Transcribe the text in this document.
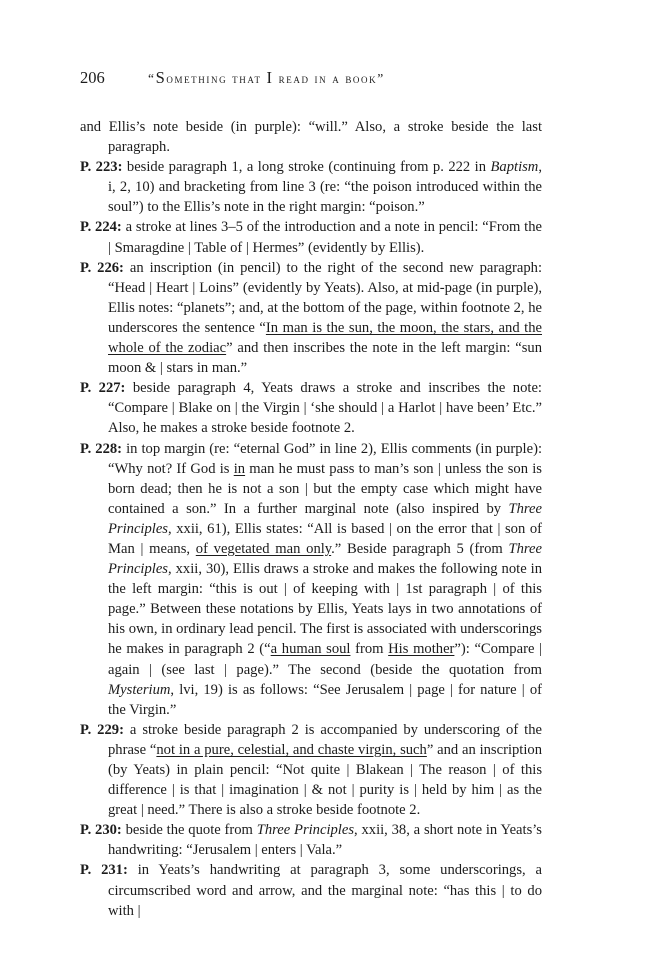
206	“Something that I read in a book”

and Ellis’s note beside (in purple): “will.” Also, a stroke beside the last paragraph.

P. 223: beside paragraph 1, a long stroke (continuing from p. 222 in Baptism, i, 2, 10) and bracketing from line 3 (re: “the poison introduced within the soul”) to the Ellis’s note in the right margin: “poison.”

P. 224: a stroke at lines 3–5 of the introduction and a note in pencil: “From the | Smaragdine | Table of | Hermes” (evidently by Ellis).

P. 226: an inscription (in pencil) to the right of the second new paragraph: “Head | Heart | Loins” (evidently by Yeats). Also, at mid-page (in purple), Ellis notes: “planets”; and, at the bottom of the page, within footnote 2, he underscores the sentence “In man is the sun, the moon, the stars, and the whole of the zodiac” and then inscribes the note in the left margin: “sun moon & | stars in man.”

P. 227: beside paragraph 4, Yeats draws a stroke and inscribes the note: “Compare | Blake on | the Virgin | ‘she should | a Harlot | have been’ Etc.” Also, he makes a stroke beside footnote 2.

P. 228: in top margin (re: “eternal God” in line 2), Ellis comments (in purple): “Why not? If God is in man he must pass to man’s son | unless the son is born dead; then he is not a son | but the empty case which might have contained a son.” In a further marginal note (also inspired by Three Principles, xxii, 61), Ellis states: “All is based | on the error that | son of Man | means, of vegetated man only.” Beside paragraph 5 (from Three Principles, xxii, 30), Ellis draws a stroke and makes the following note in the left margin: “this is out | of keeping with | 1st paragraph | of this page.” Between these notations by Ellis, Yeats lays in two annotations of his own, in ordinary lead pencil. The first is associated with underscorings he makes in paragraph 2 (“a human soul from His mother”): “Compare | again | (see last | page).” The second (beside the quotation from Mysterium, lvi, 19) is as follows: “See Jerusalem | page | for nature | of the Virgin.”

P. 229: a stroke beside paragraph 2 is accompanied by underscoring of the phrase “not in a pure, celestial, and chaste virgin, such” and an inscription (by Yeats) in plain pencil: “Not quite | Blakean | The reason | of this difference | is that | imagination | & not | purity is | held by him | as the great | need.” There is also a stroke beside footnote 2.

P. 230: beside the quote from Three Principles, xxii, 38, a short note in Yeats’s handwriting: “Jerusalem | enters | Vala.”

P. 231: in Yeats’s handwriting at paragraph 3, some underscorings, a circumscribed word and arrow, and the marginal note: “has this | to do with |
